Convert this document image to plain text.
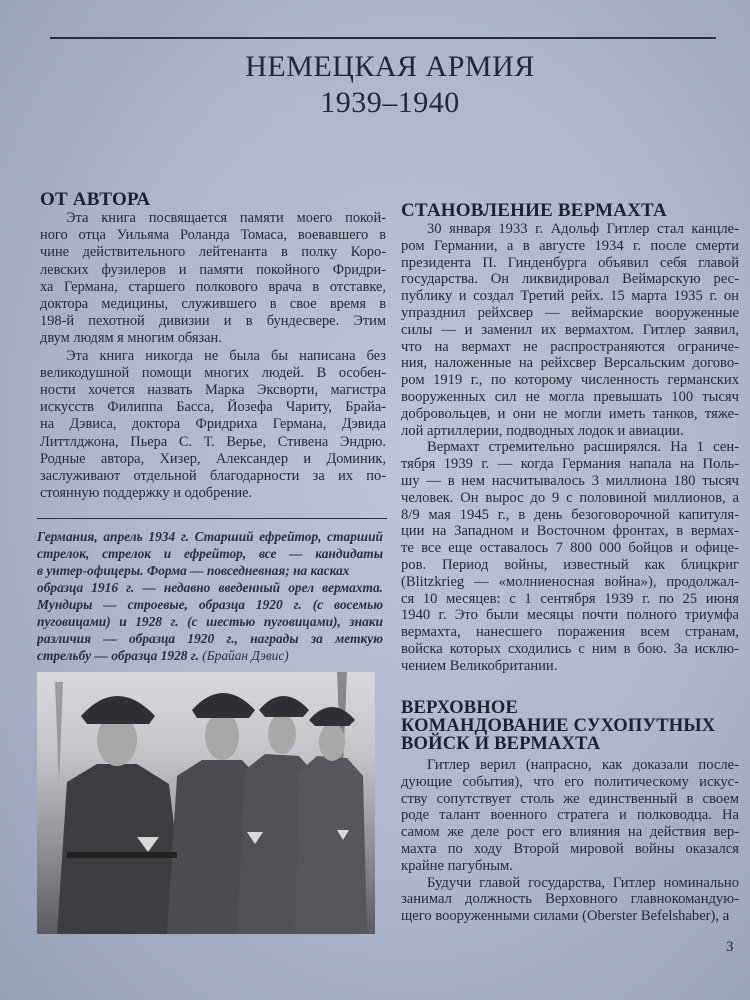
НЕМЕЦКАЯ АРМИЯ
1939–1940
ОТ АВТОРА
Эта книга посвящается памяти моего покой-
ного отца Уильяма Роланда Томаса, воевавшего в
чине действительного лейтенанта в полку Коро-
левских фузилеров и памяти покойного Фридри-
ха Германа, старшего полкового врача в отставке,
доктора медицины, служившего в свое время в
198-й пехотной дивизии и в бундесвере. Этим
двум людям я многим обязан.
Эта книга никогда не была бы написана без
великодушной помощи многих людей. В особен-
ности хочется назвать Марка Эксворти, магистра
искусств Филиппа Басса, Йозефа Чариту, Брайа-
на Дэвиса, доктора Фридриха Германа, Дэвида
Литтлджона, Пьера С. Т. Верье, Стивена Эндрю.
Родные автора, Хизер, Александер и Доминик,
заслуживают отдельной благодарности за их по-
стоянную поддержку и одобрение.
Германия, апрель 1934 г. Старший ефрейтор, старший
стрелок, стрелок и ефрейтор, все — кандидаты
в унтер-офицеры. Форма — повседневная; на касках
образца 1916 г. — недавно введенный орел вермахта.
Мундиры — строевые, образца 1920 г. (с восемью
пуговицами) и 1928 г. (с шестью пуговицами), знаки
различия — образца 1920 г., награды за меткую
стрельбу — образца 1928 г. (Брайан Дэвис)
СТАНОВЛЕНИЕ ВЕРМАХТА
30 января 1933 г. Адольф Гитлер стал канцле-
ром Германии, а в августе 1934 г. после смерти
президента П. Гинденбурга объявил себя главой
государства. Он ликвидировал Веймарскую рес-
публику и создал Третий рейх. 15 марта 1935 г. он
упразднил рейхсвер — веймарские вооруженные
силы — и заменил их вермахтом. Гитлер заявил,
что на вермахт не распространяются ограниче-
ния, наложенные на рейхсвер Версальским догово-
ром 1919 г., по которому численность германских
вооруженных сил не могла превышать 100 тысяч
добровольцев, и они не могли иметь танков, тяже-
лой артиллерии, подводных лодок и авиации.
Вермахт стремительно расширялся. На 1 сен-
тября 1939 г. — когда Германия напала на Поль-
шу — в нем насчитывалось 3 миллиона 180 тысяч
человек. Он вырос до 9 с половиной миллионов, а
8/9 мая 1945 г., в день безоговорочной капитуля-
ции на Западном и Восточном фронтах, в вермах-
те все еще оставалось 7 800 000 бойцов и офице-
ров. Период войны, известный как блицкриг
(Blitzkrieg — «молниеносная война»), продолжал-
ся 10 месяцев: с 1 сентября 1939 г. по 25 июня
1940 г. Это были месяцы почти полного триумфа
вермахта, нанесшего поражения всем странам,
войска которых сходились с ним в бою. За исклю-
чением Великобритании.
ВЕРХОВНОЕ
КОМАНДОВАНИЕ СУХОПУТНЫХ
ВОЙСК И ВЕРМАХТА
Гитлер верил (напрасно, как доказали после-
дующие события), что его политическому искус-
ству сопутствует столь же единственный в своем
роде талант военного стратега и полководца. На
самом же деле рост его влияния на действия вер-
махта по ходу Второй мировой войны оказался
крайне пагубным.
Будучи главой государства, Гитлер номинально
занимал должность Верховного главнокомандую-
щего вооруженными силами (Oberster Befelshaber), а
3
